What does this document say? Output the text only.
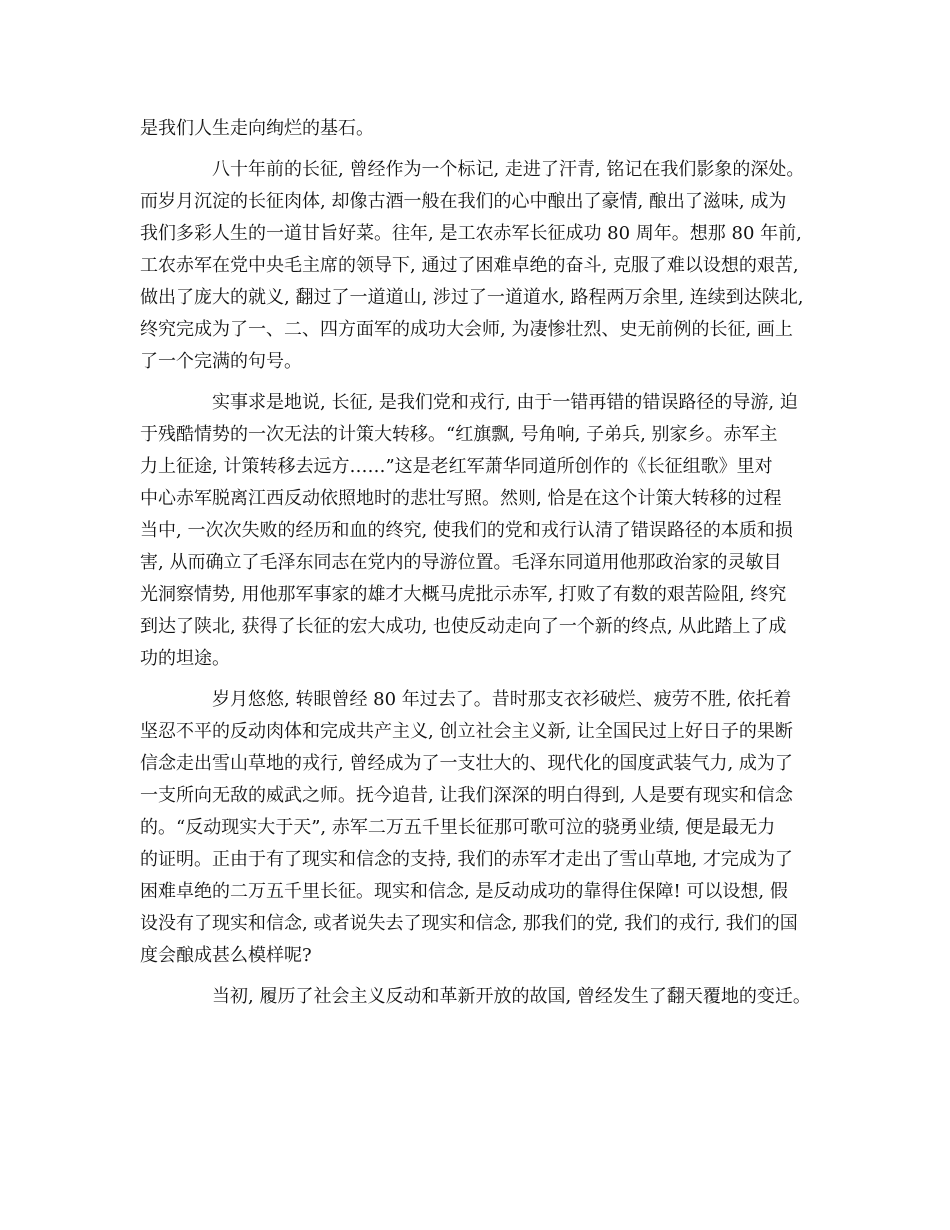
是我们人生走向绚烂的基石。

八十年前的长征, 曾经作为一个标记, 走进了汗青, 铭记在我们影象的深处。

而岁月沉淀的长征肉体, 却像古酒一般在我们的心中酿出了豪情, 酿出了滋味, 成为

我们多彩人生的一道甘旨好菜。往年, 是工农赤军长征成功 80 周年。想那 80 年前,

工农赤军在党中央毛主席的领导下, 通过了困难卓绝的奋斗, 克服了难以设想的艰苦,

做出了庞大的就义, 翻过了一道道山, 涉过了一道道水, 路程两万余里, 连续到达陕北,

终究完成为了一、二、四方面军的成功大会师, 为凄惨壮烈、史无前例的长征, 画上

了一个完满的句号。

实事求是地说, 长征, 是我们党和戎行, 由于一错再错的错误路径的导游, 迫

于残酷情势的一次无法的计策大转移。“红旗飘, 号角响, 子弟兵, 别家乡。赤军主

力上征途, 计策转移去远方……”这是老红军萧华同道所创作的《长征组歌》里对

中心赤军脱离江西反动依照地时的悲壮写照。然则, 恰是在这个计策大转移的过程

当中, 一次次失败的经历和血的终究, 使我们的党和戎行认清了错误路径的本质和损

害, 从而确立了毛泽东同志在党内的导游位置。毛泽东同道用他那政治家的灵敏目

光洞察情势, 用他那军事家的雄才大概马虎批示赤军, 打败了有数的艰苦险阻, 终究

到达了陕北, 获得了长征的宏大成功, 也使反动走向了一个新的终点, 从此踏上了成

功的坦途。

岁月悠悠, 转眼曾经 80 年过去了。昔时那支衣衫破烂、疲劳不胜, 依托着

坚忍不平的反动肉体和完成共产主义, 创立社会主义新, 让全国民过上好日子的果断

信念走出雪山草地的戎行, 曾经成为了一支壮大的、现代化的国度武装气力, 成为了

一支所向无敌的威武之师。抚今追昔, 让我们深深的明白得到, 人是要有现实和信念

的。“反动现实大于天”, 赤军二万五千里长征那可歌可泣的骁勇业绩, 便是最无力

的证明。正由于有了现实和信念的支持, 我们的赤军才走出了雪山草地, 才完成为了

困难卓绝的二万五千里长征。现实和信念, 是反动成功的靠得住保障! 可以设想, 假

设没有了现实和信念, 或者说失去了现实和信念, 那我们的党, 我们的戎行, 我们的国

度会酿成甚么模样呢?

当初, 履历了社会主义反动和革新开放的故国, 曾经发生了翻天覆地的变迁。
